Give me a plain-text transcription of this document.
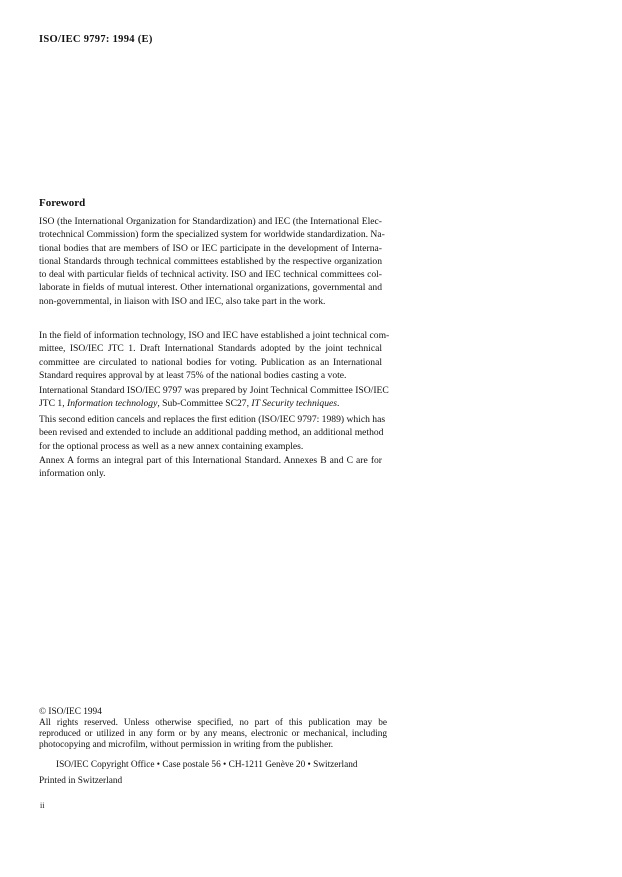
ISO/IEC 9797: 1994 (E)
Foreword
ISO (the International Organization for Standardization) and IEC (the International Elec-
trotechnical Commission) form the specialized system for worldwide standardization. Na-
tional bodies that are members of ISO or IEC participate in the development of Interna-
tional Standards through technical committees established by the respective organization
to deal with particular fields of technical activity. ISO and IEC technical committees col-
laborate in fields of mutual interest. Other international organizations, governmental and
non-governmental, in liaison with ISO and IEC, also take part in the work.
In the field of information technology, ISO and IEC have established a joint technical com-
mittee, ISO/IEC JTC 1. Draft International Standards adopted by the joint technical
committee are circulated to national bodies for voting. Publication as an International
Standard requires approval by at least 75% of the national bodies casting a vote.
International Standard ISO/IEC 9797 was prepared by Joint Technical Committee ISO/IEC
JTC 1, Information technology, Sub-Committee SC27, IT Security techniques.
This second edition cancels and replaces the first edition (ISO/IEC 9797: 1989) which has
been revised and extended to include an additional padding method, an additional method
for the optional process as well as a new annex containing examples.
Annex A forms an integral part of this International Standard. Annexes B and C are for
information only.
© ISO/IEC 1994
All rights reserved. Unless otherwise specified, no part of this publication may be
reproduced or utilized in any form or by any means, electronic or mechanical, including
photocopying and microfilm, without permission in writing from the publisher.
ISO/IEC Copyright Office • Case postale 56 • CH-1211 Genève 20 • Switzerland
Printed in Switzerland
ii
